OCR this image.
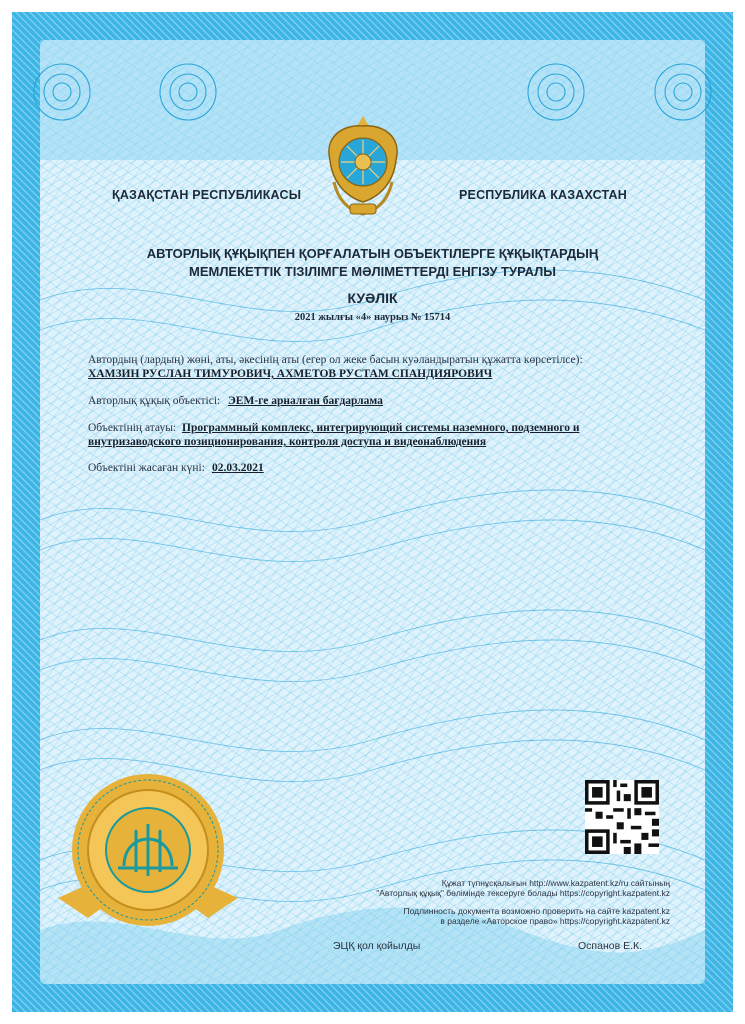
ҚАЗАҚСТАН РЕСПУБЛИКАСЫ	РЕСПУБЛИКА КАЗАХСТАН
АВТОРЛЫҚ ҚҰҚЫҚПЕН ҚОРҒАЛАТЫН ОБЪЕКТІЛЕРГЕ ҚҰҚЫҚТАРДЫҢ
МЕМЛЕКЕТТІК ТІЗІЛІМГЕ МӘЛІМЕТТЕРДІ ЕНГІЗУ ТУРАЛЫ
КУӘЛІК
2021 жылғы «4» наурыз № 15714
Автордың (лардың) жөні, аты, әкесінің аты (егер ол жеке басын куәландыратын құжатта көрсетілсе):
ХАМЗИН РУСЛАН ТИМУРОВИЧ, АХМЕТОВ РУСТАМ СПАНДИЯРОВИЧ
Авторлық құқық объектісі: ЭЕМ-ге арналған бағдарлама
Объектінің атауы: Программный комплекс, интегрирующий системы наземного, подземного и
внутризаводского позиционирования, контроля доступа и видеонаблюдения
Объектіні жасаған күні: 02.03.2021
Құжат түпнұсқалығын http://www.kazpatent.kz/ru сайтының
"Авторлық құқық" бөлімінде тексеруге болады https://copyright.kazpatent.kz
Подлинность документа возможно проверить на сайте kazpatent.kz
в разделе «Авторское право» https://copyright.kazpatent.kz
ЭЦҚ қол қойылды	Оспанов Е.К.
